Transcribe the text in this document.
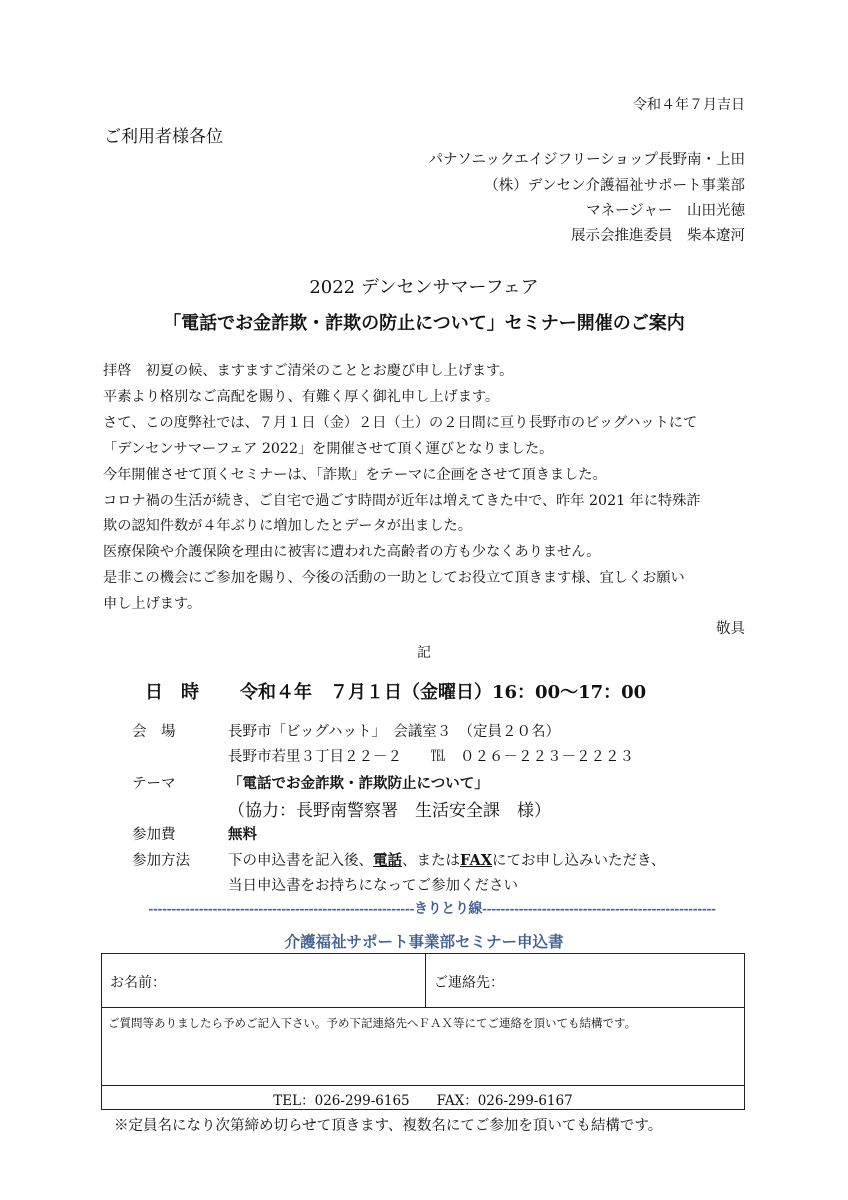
令和４年７月吉日
ご利用者様各位
パナソニックエイジフリーショップ長野南・上田
（株）デンセン介護福祉サポート事業部
マネージャー　山田光徳
展示会推進委員　柴本遼河
2022 デンセンサマーフェア
「電話でお金詐欺・詐欺の防止について」セミナー開催のご案内
拝啓　初夏の候、ますますご清栄のこととお慶び申し上げます。
平素より格別なご高配を賜り、有難く厚く御礼申し上げます。
さて、この度弊社では、７月１日（金）２日（土）の２日間に亘り長野市のビッグハットにて
「デンセンサマーフェア 2022」を開催させて頂く運びとなりました。
今年開催させて頂くセミナーは、「詐欺」をテーマに企画をさせて頂きました。
コロナ禍の生活が続き、ご自宅で過ごす時間が近年は増えてきた中で、昨年 2021 年に特殊詐
欺の認知件数が４年ぶりに増加したとデータが出ました。
医療保険や介護保険を理由に被害に遭われた高齢者の方も少なくありません。
是非この機会にご参加を賜り、今後の活動の一助としてお役立て頂きます様、宜しくお願い
申し上げます。
敬具
記
日　時 令和４年　７月１日（金曜日）16：00～17：00
会　場	長野市「ビッグハット」　会議室３　（定員２０名）
長野市若里３丁目２２－２　　℡　０２６－２２３－２２２３
テーマ	「電話でお金詐欺・詐欺防止について」
（協力：長野南警察署　生活安全課　様）
参加費	無料
参加方法	下の申込書を記入後、電話、またはFAXにてお申し込みいただき、
当日申込書をお持ちになってご参加ください
----------------------------------------------------------きりとり線---------------------------------------------------
介護福祉サポート事業部セミナー申込書
お名前：	ご連絡先：
ご質問等ありましたら予めご記入下さい。予め下記連絡先へＦＡＸ等にてご連絡を頂いても結構です。
TEL：026-299-6165　　FAX：026-299-6167
※定員名になり次第締め切らせて頂きます、複数名にてご参加を頂いても結構です。
